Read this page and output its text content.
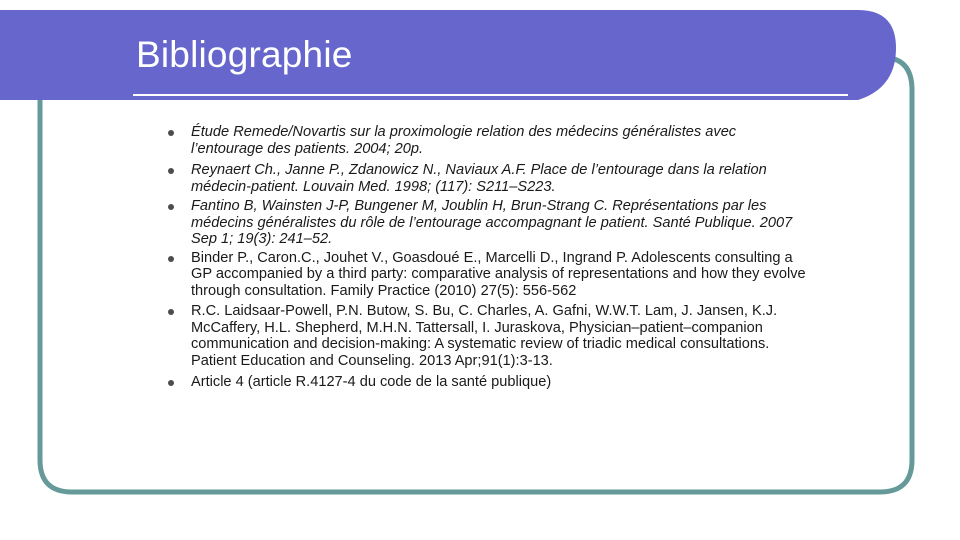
Bibliographie
Étude Remede/Novartis sur la proximologie relation des médecins généralistes avec l’entourage des patients. 2004; 20p.
Reynaert Ch., Janne P., Zdanowicz N., Naviaux A.F. Place de l’entourage dans la relation médecin-patient. Louvain Med. 1998; (117): S211–S223.
Fantino B, Wainsten J-P, Bungener M, Joublin H, Brun-Strang C. Représentations par les médecins généralistes du rôle de l’entourage accompagnant le patient. Santé Publique. 2007 Sep 1; 19(3): 241–52.
Binder P., Caron.C., Jouhet V., Goasdoué E., Marcelli D., Ingrand P. Adolescents consulting a GP accompanied by a third party: comparative analysis of representations and how they evolve through consultation. Family Practice (2010) 27(5): 556-562
R.C. Laidsaar-Powell, P.N. Butow, S. Bu, C. Charles, A. Gafni, W.W.T. Lam, J. Jansen, K.J. McCaffery, H.L. Shepherd, M.H.N. Tattersall, I. Juraskova, Physician–patient–companion communication and decision-making: A systematic review of triadic medical consultations. Patient Education and Counseling. 2013 Apr;91(1):3-13.
Article 4 (article R.4127-4 du code de la santé publique)
